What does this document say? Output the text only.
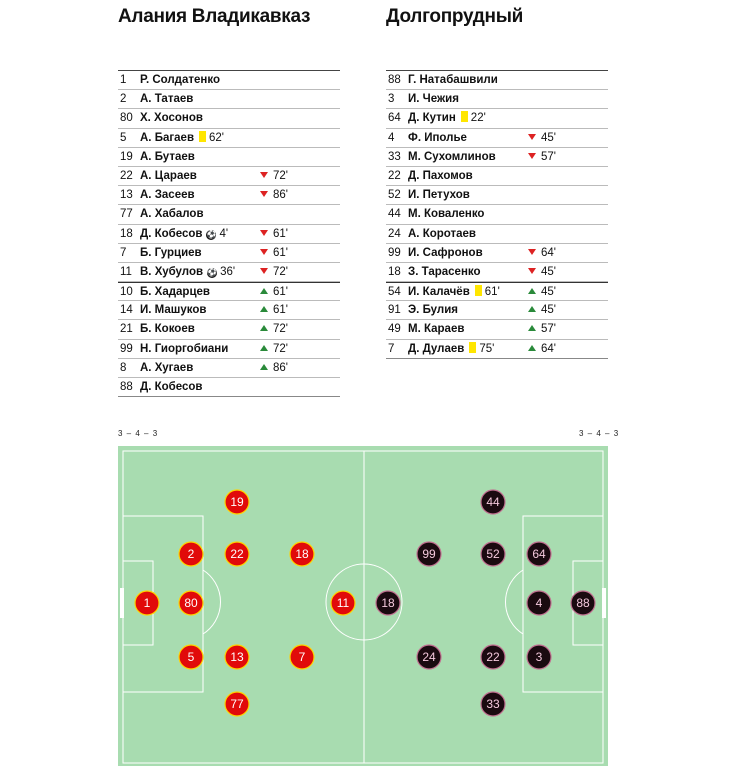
Алания Владикавказ	Долгопрудный
1 Р. Солдатенко
2 А. Татаев
80 Х. Хосонов
5 А. Багаев 62'
19 А. Бутаев
22 А. Цараев	72'
13 А. Засеев	86'
77 А. Хабалов
18 Д. Кобесов ⚽ 4'	61'
7 Б. Гурциев	61'
11 В. Хубулов ⚽ 36'	72'
10 Б. Хадарцев	61'
14 И. Машуков	61'
21 Б. Кокоев	72'
99 Н. Гиоргобиани	72'
8 А. Хугаев	86'
88 Д. Кобесов
88 Г. Натабашвили
3 И. Чежия
64 Д. Кутин 22'
4 Ф. Иполье	45'
33 М. Сухомлинов	57'
22 Д. Пахомов
52 И. Петухов
44 М. Коваленко
24 А. Коротаев
99 И. Сафронов	64'
18 З. Тарасенко	45'
54 И. Калачёв 61'	45'
91 Э. Булия	45'
49 М. Караев	57'
7 Д. Дулаев 75'	64'
3 – 4 – 3	3 – 4 – 3
19
2	22	18
1	80	11
5	13	7
77
44
99	52	64
18	4	88
24	22	3
33
